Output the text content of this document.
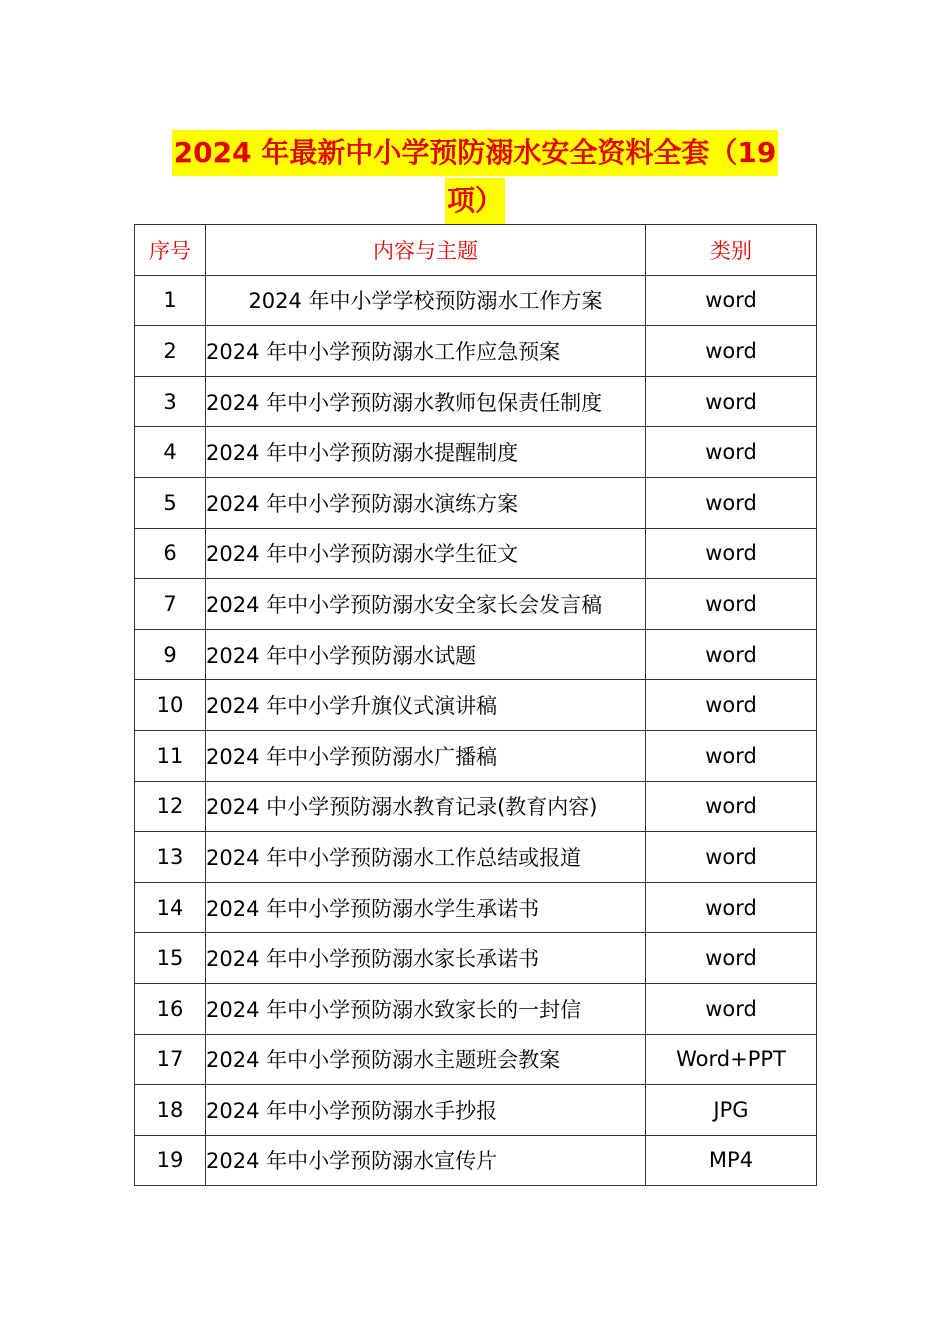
2024 年最新中小学预防溺水安全资料全套（19
项）
序号	内容与主题	类别
1	2024 年中小学学校预防溺水工作方案	word
2	2024 年中小学预防溺水工作应急预案	word
3	2024 年中小学预防溺水教师包保责任制度	word
4	2024 年中小学预防溺水提醒制度	word
5	2024 年中小学预防溺水演练方案	word
6	2024 年中小学预防溺水学生征文	word
7	2024 年中小学预防溺水安全家长会发言稿	word
9	2024 年中小学预防溺水试题	word
10	2024 年中小学升旗仪式演讲稿	word
11	2024 年中小学预防溺水广播稿	word
12	2024 中小学预防溺水教育记录(教育内容)	word
13	2024 年中小学预防溺水工作总结或报道	word
14	2024 年中小学预防溺水学生承诺书	word
15	2024 年中小学预防溺水家长承诺书	word
16	2024 年中小学预防溺水致家长的一封信	word
17	2024 年中小学预防溺水主题班会教案	Word+PPT
18	2024 年中小学预防溺水手抄报	JPG
19	2024 年中小学预防溺水宣传片	MP4
